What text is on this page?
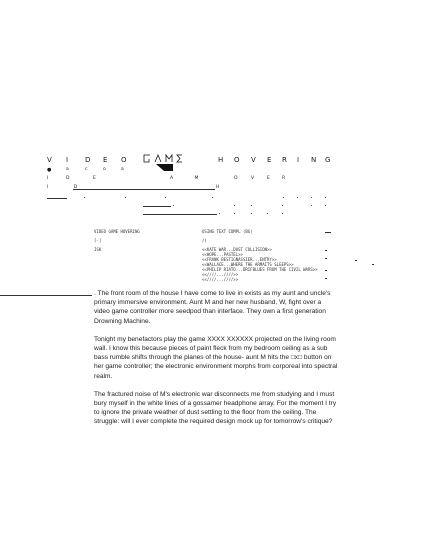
V I D E O	H O V E R I N G
●	a	c	o	a
I	D	E	A M	O	V	E	R
I D	H
VIDEO GAME HOVERING	USING TEXT COMPL (BG)
[-]	/)
ISK	<<KATE WAR...DUST COLLISION>>
<<HOPE...PASTEL>>
<<FRANK BESTIGNASSIER...ENTRY>>
<<WALLACE...WHERE THE ARMAITS SLEEPS>>
<<PHILIP RIATO...DRIFBLUES FROM THE CIVIL WARS>>
<<////...////>>
<<////...////>>

. The front room of the house I have come to live in exists as my aunt and uncle's primary immersive environment. Aunt M and her new husband, W, fight over a video game controller more seedpod than interface. They own a first generation Drowning Machine.

Tonight my benefactors play the game XXXX XXXXXX projected on the living room wall. I know this because pieces of paint fleck from my bedroom ceiling as a sub bass rumble shifts through the planes of the house- aunt M hits the □x□ button on her game controller; the electronic environment morphs from corporeal into spectral realm.

The fractured noise of M's electronic war disconnects me from studying and I must bury myself in the white lines of a gossamer headphone array. For the moment I try to ignore the private weather of dust settling to the floor from the ceiling. The struggle: will I ever complete the required design mock up for tomorrow's critique?
